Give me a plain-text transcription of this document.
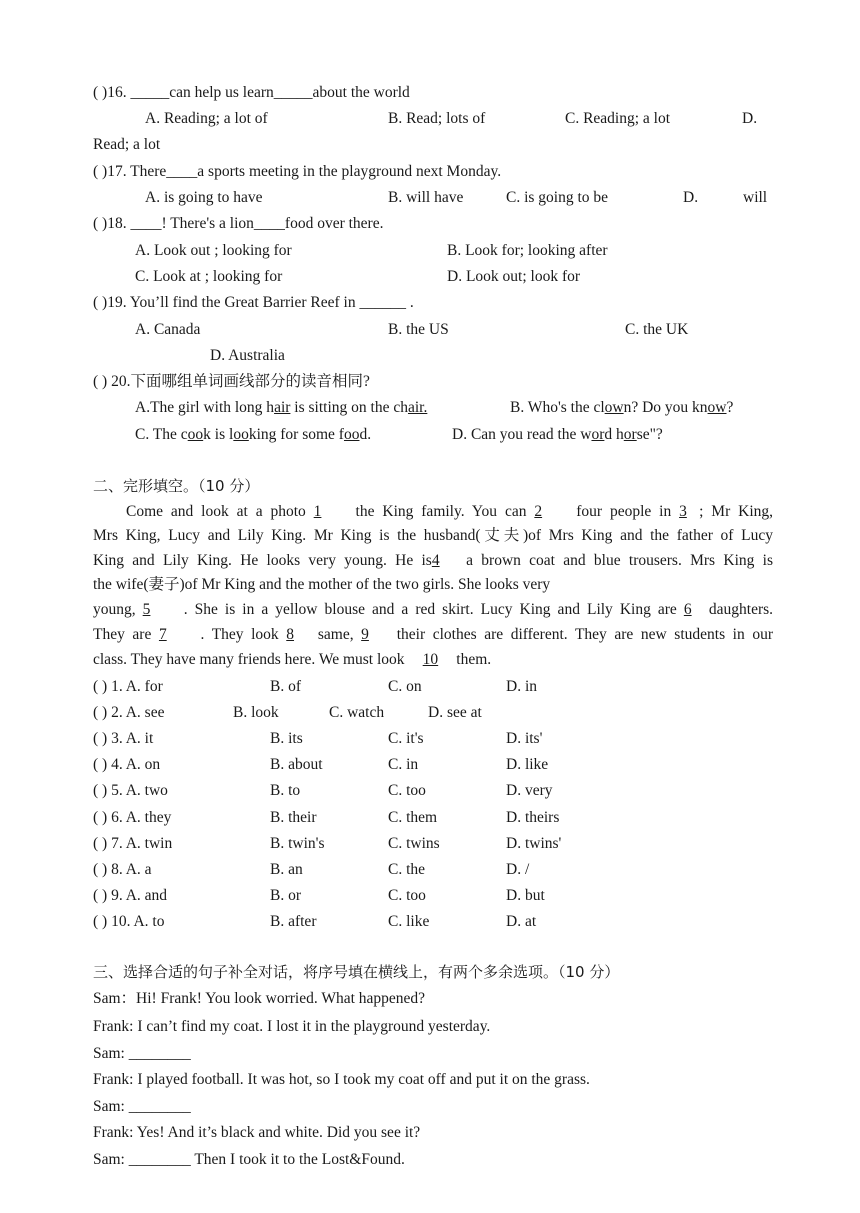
( )16. _____can help us learn_____about the world
A. Reading; a lot of	B. Read; lots of	C. Reading; a lot	D.
Read; a lot
( )17. There____a sports meeting in the playground next Monday.
A. is going to have	B. will have	C. is going to be	D.	will
( )18. ____! There's a lion____food over there.
A. Look out ; looking for	B. Look for; looking after
C. Look at ; looking for	D. Look out; look for
( )19. You’ll find the Great Barrier Reef in ______ .
A. Canada	B. the US	C. the UK
D. Australia
( ) 20.下面哪组单词画线部分的读音相同?
A.The girl with long hair is sitting on the chair.	B. Who's the clown? Do you know?
C. The cook is looking for some food.	D. Can you read the word horse"?
二、完形填空。（10 分）
Come and look at a photo 1 the King family. You can 2 four people in 3 ; Mr King,
Mrs King, Lucy and Lily King. Mr King is the husband(丈夫)of Mrs King and the father of Lucy
King and Lily King. He looks very young. He is4 a brown coat and blue trousers. Mrs King is
the wife(妻子)of Mr King and the mother of the two girls. She looks very
young, 5 . She is in a yellow blouse and a red skirt. Lucy King and Lily King are 6 daughters.
They are 7 . They look 8 same, 9 their clothes are different. They are new students in our
class. They have many friends here. We must look 10 them.
( ) 1. A. for	B. of	C. on	D. in
( ) 2. A. see	B. look	C. watch	D. see at
( ) 3. A. it	B. its	C. it's	D. its'
( ) 4. A. on	B. about	C. in	D. like
( ) 5. A. two	B. to	C. too	D. very
( ) 6. A. they	B. their	C. them	D. theirs
( ) 7. A. twin	B. twin's	C. twins	D. twins'
( ) 8. A. a	B. an	C. the	D. /
( ) 9. A. and	B. or	C. too	D. but
( ) 10. A. to	B. after	C. like	D. at
三、选择合适的句子补全对话，将序号填在横线上，有两个多余选项。（10 分）
Sam：Hi! Frank! You look worried. What happened?
Frank: I can’t find my coat. I lost it in the playground yesterday.
Sam: ________
Frank: I played football. It was hot, so I took my coat off and put it on the grass.
Sam: ________
Frank: Yes! And it’s black and white. Did you see it?
Sam: ________ Then I took it to the Lost&Found.
